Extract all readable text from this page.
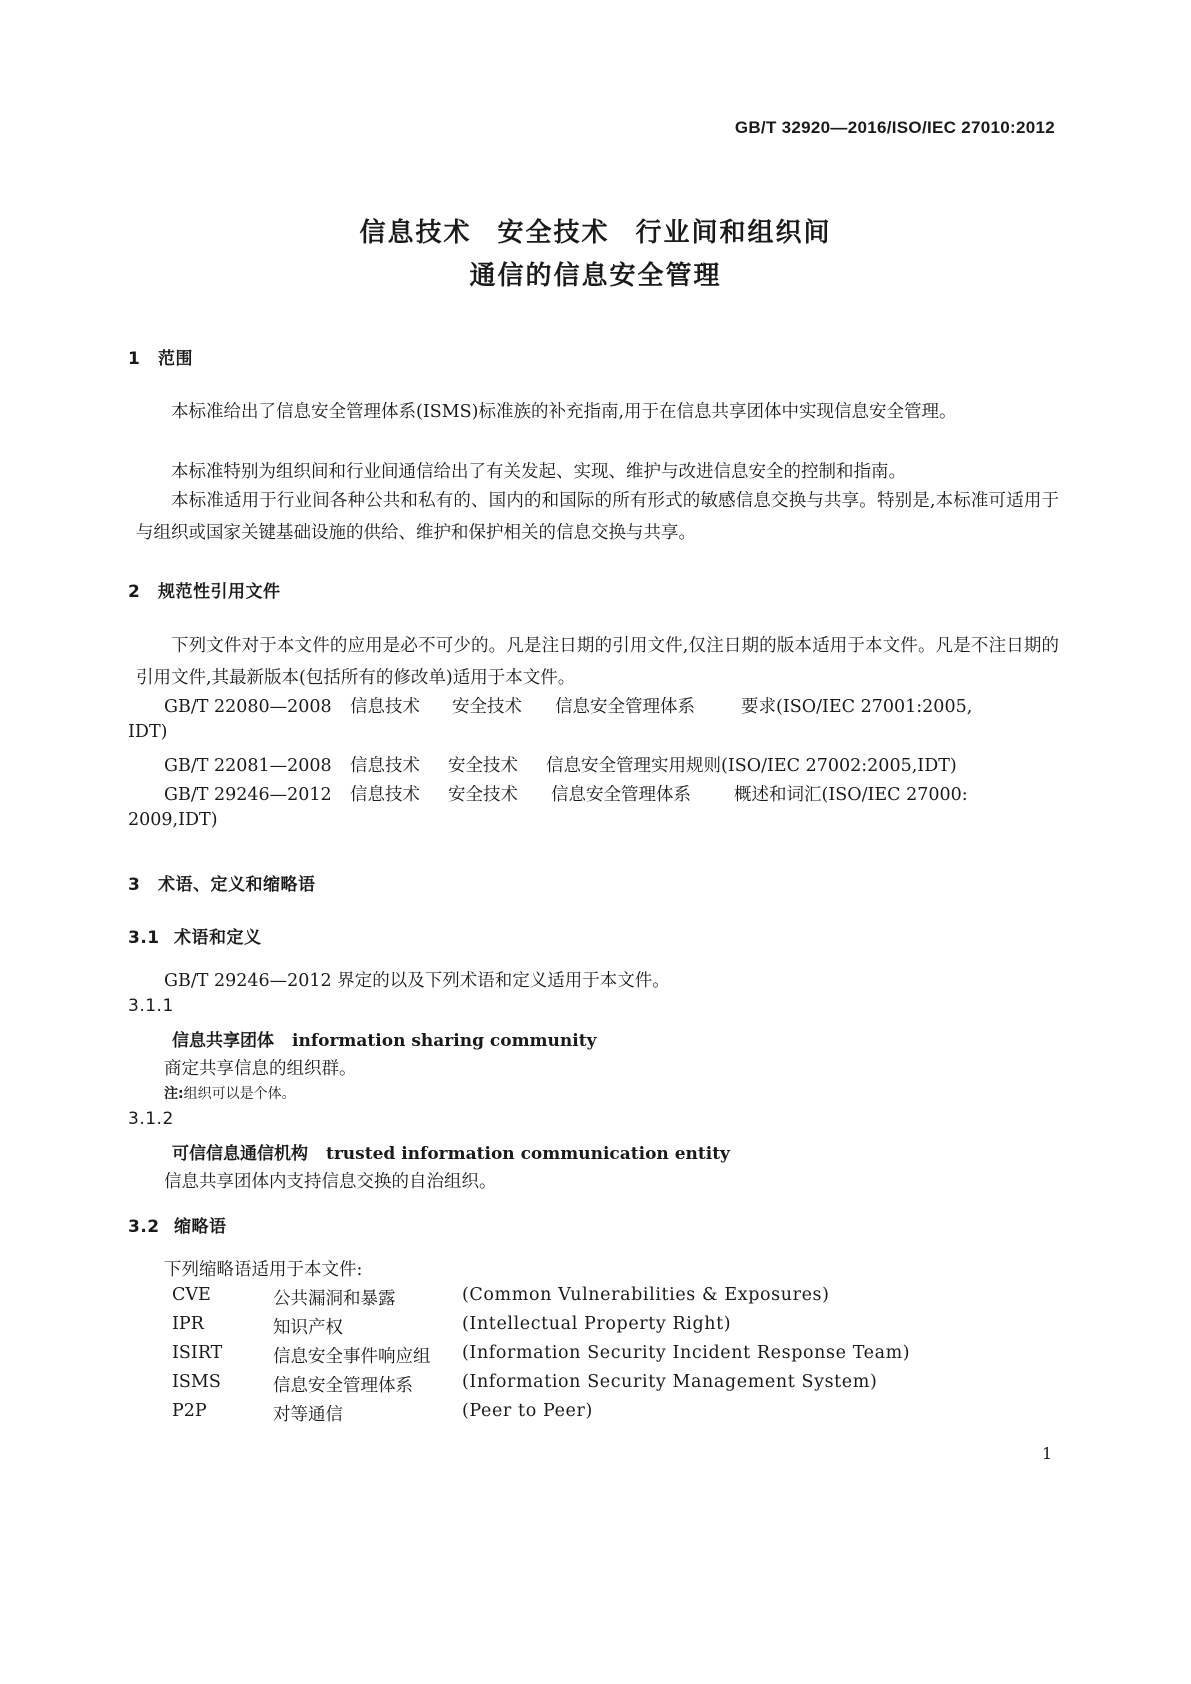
GB/T 32920—2016/ISO/IEC 27010:2012
信息技术 安全技术 行业间和组织间
通信的信息安全管理
1 范围
本标准给出了信息安全管理体系(ISMS)标准族的补充指南,用于在信息共享团体中实现信息安全管理。
本标准特别为组织间和行业间通信给出了有关发起、实现、维护与改进信息安全的控制和指南。
本标准适用于行业间各种公共和私有的、国内的和国际的所有形式的敏感信息交换与共享。特别是,本标准可适用于与组织或国家关键基础设施的供给、维护和保护相关的信息交换与共享。
2 规范性引用文件
下列文件对于本文件的应用是必不可少的。凡是注日期的引用文件,仅注日期的版本适用于本文件。凡是不注日期的引用文件,其最新版本(包括所有的修改单)适用于本文件。
GB/T 22080—2008 信息技术 安全技术 信息安全管理体系	要求(ISO/IEC 27001:2005,
IDT)
GB/T 22081—2008 信息技术 安全技术 信息安全管理实用规则(ISO/IEC 27002:2005,IDT)
GB/T 29246—2012 信息技术 安全技术 信息安全管理体系 概述和词汇(ISO/IEC 27000:
2009,IDT)
3 术语、定义和缩略语
3.1 术语和定义
GB/T 29246—2012 界定的以及下列术语和定义适用于本文件。
3.1.1
信息共享团体 information sharing community
商定共享信息的组织群。
注:组织可以是个体。
3.1.2
可信信息通信机构 trusted information communication entity
信息共享团体内支持信息交换的自治组织。
3.2 缩略语
下列缩略语适用于本文件:
CVE	公共漏洞和暴露	(Common Vulnerabilities & Exposures)
IPR	知识产权	(Intellectual Property Right)
ISIRT	信息安全事件响应组 (Information Security Incident Response Team)
ISMS	信息安全管理体系	(Information Security Management System)
P2P	对等通信	(Peer to Peer)
1
